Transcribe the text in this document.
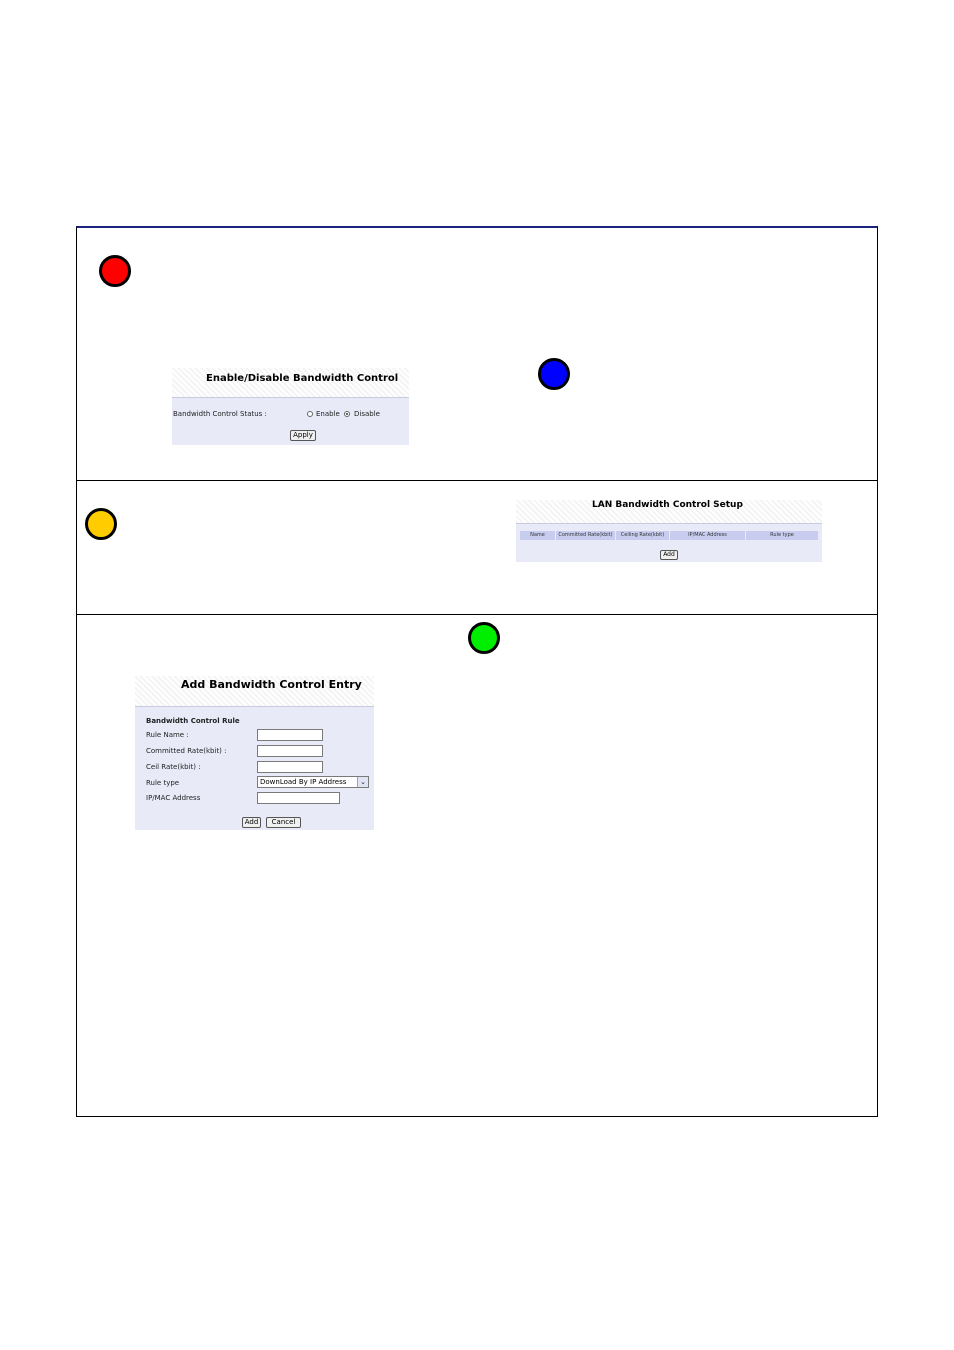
Enable/Disable Bandwidth Control
Bandwidth Control Status :	Enable Disable
Apply
LAN Bandwidth Control Setup
Name	Committed Rate(kbit)	Ceiling Rate(kbit)	IP/MAC Address	Rule type
Add
Add Bandwidth Control Entry
Bandwidth Control Rule
Rule Name :
Committed Rate(kbit) :
Ceil Rate(kbit) :
Rule type	DownLoad By IP Address	⌄
IP/MAC Address
Add	Cancel
